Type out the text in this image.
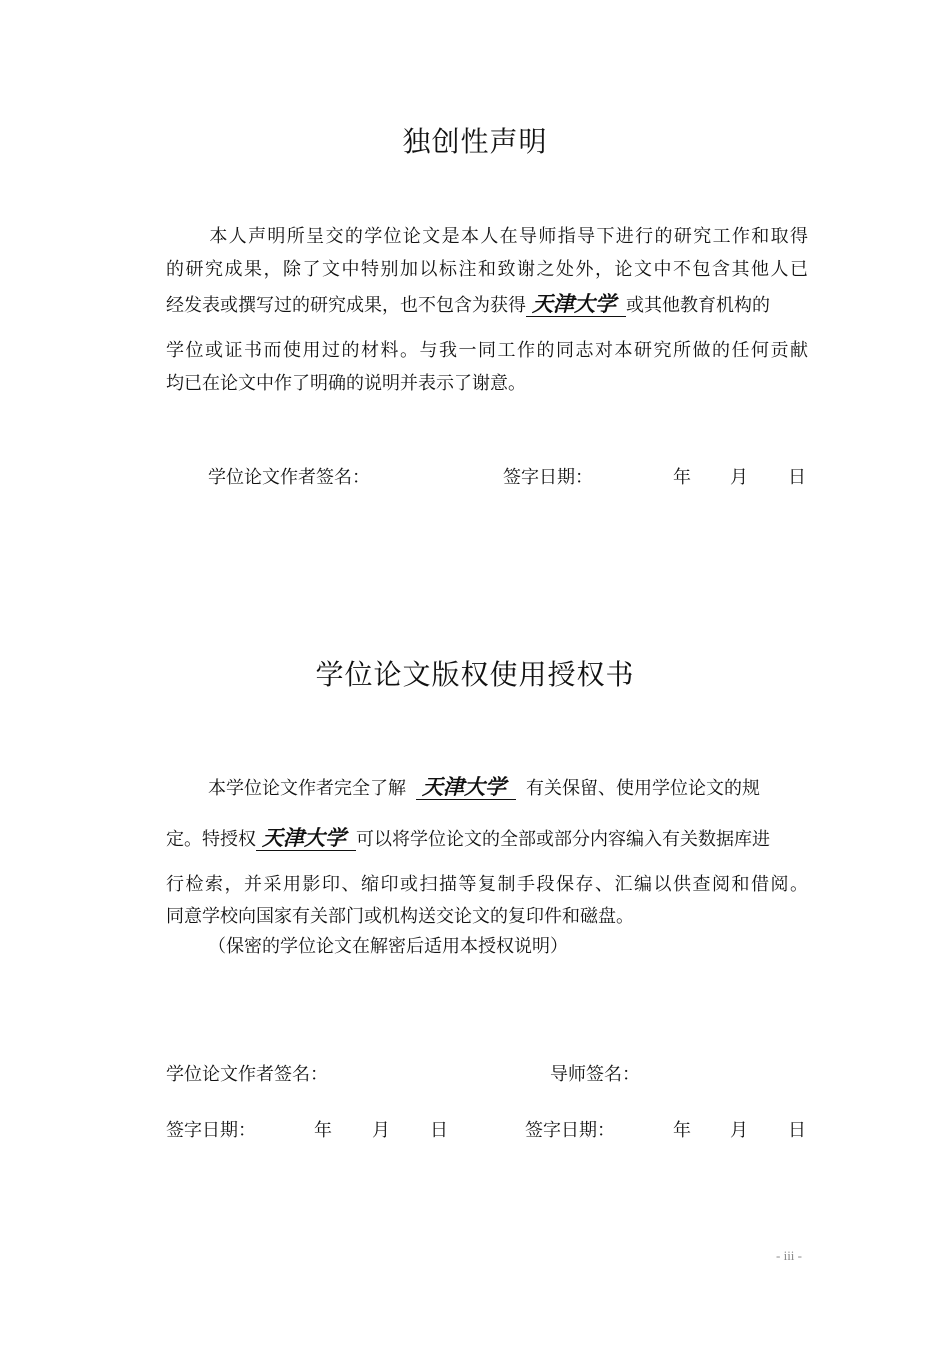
独创性声明
本人声明所呈交的学位论文是本人在导师指导下进行的研究工作和取得
的研究成果，除了文中特别加以标注和致谢之处外，论文中不包含其他人已
经发表或撰写过的研究成果，也不包含为获得 天津大学 或其他教育机构的
学位或证书而使用过的材料。与我一同工作的同志对本研究所做的任何贡献
均已在论文中作了明确的说明并表示了谢意。
学位论文作者签名：	签字日期：	年 月 日
学位论文版权使用授权书
本学位论文作者完全了解 天津大学 有关保留、使用学位论文的规
定。特授权 天津大学 可以将学位论文的全部或部分内容编入有关数据库进
行检索，并采用影印、缩印或扫描等复制手段保存、汇编以供查阅和借阅。
同意学校向国家有关部门或机构送交论文的复印件和磁盘。
（保密的学位论文在解密后适用本授权说明）
学位论文作者签名：	导师签名：
签字日期：	年 月 日	签字日期：	年 月 日
- iii -
